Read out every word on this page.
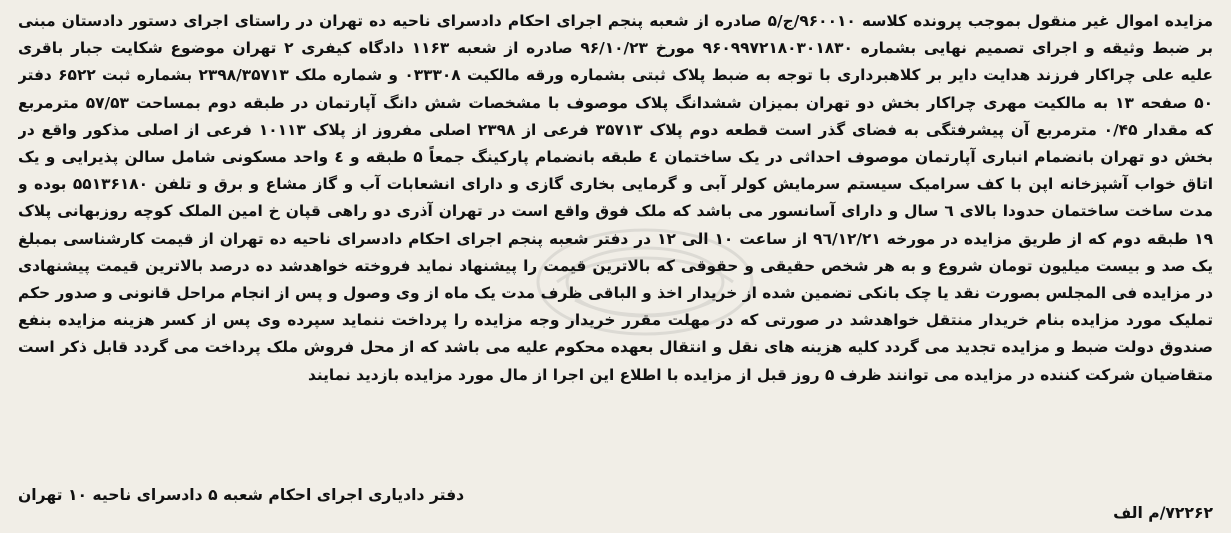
مزایده اموال غیر منقول بموجب پرونده کلاسه ۹۶۰۰۱۰/ج/۵ صادره از شعبه پنجم اجرای احکام دادسرای ناحیه ده تهران در راستای اجرای دستور دادستان مبنی
بر ضبط وثیقه و اجرای تصمیم نهایی بشماره ۹۶۰۹۹۷۲۱۸۰۳۰۱۸۳۰ مورخ ۹۶/۱۰/۲۳ صادره از شعبه ۱۱۶۳ دادگاه کیفری ۲ تهران موضوع شکایت جبار باقری
علیه علی چراکار فرزند هدایت دایر بر کلاهبرداری با توجه به ضبط پلاک ثبتی بشماره ورقه مالکیت ۰۳۳۳۰۸ و شماره ملک ۲۳۹۸/۳۵۷۱۳ بشماره ثبت ۶۵۲۲ دفتر
۵۰ صفحه ۱۳ به مالکیت مهری چراکار بخش دو تهران بمیزان ششدانگ پلاک موصوف با مشخصات شش دانگ آپارتمان در طبقه دوم بمساحت ۵۷/۵۳ مترمربع
که مقدار ۰/۴۵ مترمربع آن پیشرفتگی به فضای گذر است قطعه دوم پلاک ۳۵۷۱۳ فرعی از ۲۳۹۸ اصلی مفروز از پلاک ۱۰۱۱۳ فرعی از اصلی مذکور واقع در
بخش دو تهران بانضمام انباری آپارتمان موصوف احداثی در یک ساختمان ٤ طبقه بانضمام پارکینگ جمعاً ۵ طبقه و ٤ واحد مسکونی شامل سالن پذیرایی و یک
اتاق خواب آشپزخانه اپن با کف سرامیک سیستم سرمایش کولر آبی و گرمایی بخاری گازی و دارای انشعابات آب و گاز مشاع و برق و تلفن ۵۵۱۳۶۱۸۰ بوده و
مدت ساخت ساختمان حدودا بالای ٦ سال و دارای آسانسور می باشد که ملک فوق واقع است در تهران آذری دو راهی قپان خ امین الملک کوچه روزبهانی پلاک
۱۹ طبقه دوم که از طریق مزایده در مورخه ۹٦/۱۲/۲۱ از ساعت ۱۰ الی ۱۲ در دفتر شعبه پنجم اجرای احکام دادسرای ناحیه ده تهران از قیمت کارشناسی بمبلغ
یک صد و بیست میلیون تومان شروع و به هر شخص حقیقی و حقوقی که بالاترین قیمت را پیشنهاد نماید فروخته خواهدشد ده درصد بالاترین قیمت پیشنهادی
در مزایده فی المجلس بصورت نقد یا چک بانکی تضمین شده از خریدار اخذ و الباقی ظرف مدت یک ماه از وی وصول و پس از انجام مراحل قانونی و صدور حکم
تملیک مورد مزایده بنام خریدار منتقل خواهدشد در صورتی که در مهلت مقرر خریدار وجه مزایده را پرداخت ننماید سپرده وی پس از کسر هزینه مزایده بنفع
صندوق دولت ضبط و مزایده تجدید می گردد کلیه هزینه های نقل و انتقال بعهده محکوم علیه می باشد که از محل فروش ملک پرداخت می گردد قابل ذکر است
متقاضیان شرکت کننده در مزایده می توانند ظرف ۵ روز قبل از مزایده با اطلاع این اجرا از مال مورد مزایده بازدید نمایند
دفتر دادیاری اجرای احکام شعبه ۵ دادسرای ناحیه ۱۰ تهران
۷۲۲۶۲/م الف
